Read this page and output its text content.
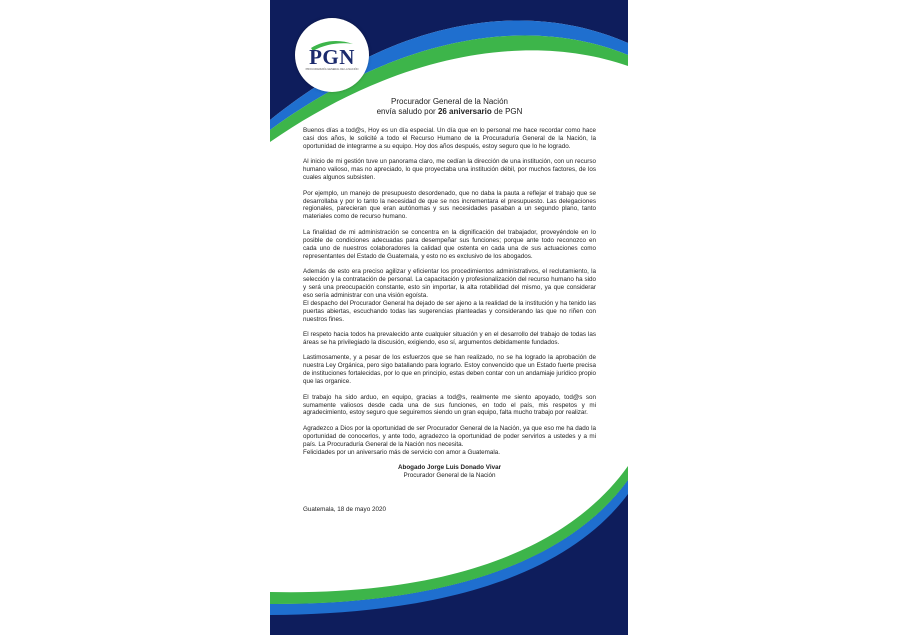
PGN
PROCURADURÍA GENERAL DE LA NACIÓN
Procurador General de la Nación
envía saludo por 26 aniversario de PGN

Buenos días a tod@s, Hoy es un día especial. Un día que en lo personal me hace recordar como hace casi dos años, le solicité a todo el Recurso Humano de la Procuraduría General de la Nación, la oportunidad de integrarme a su equipo. Hoy dos años después, estoy seguro que lo he logrado.

Al inicio de mi gestión tuve un panorama claro, me cedían la dirección de una institución, con un recurso humano valioso, mas no apreciado, lo que proyectaba una institución débil, por muchos factores, de los cuales algunos subsisten.

Por ejemplo, un manejo de presupuesto desordenado, que no daba la pauta a reflejar el trabajo que se desarrollaba y por lo tanto la necesidad de que se nos incrementara el presupuesto. Las delegaciones regionales, parecieran que eran autónomas y sus necesidades pasaban a un segundo plano, tanto materiales como de recurso humano.

La finalidad de mi administración se concentra en la dignificación del trabajador, proveyéndole en lo posible de condiciones adecuadas para desempeñar sus funciones; porque ante todo reconozco en cada uno de nuestros colaboradores la calidad que ostenta en cada una de sus actuaciones como representantes del Estado de Guatemala, y esto no es exclusivo de los abogados.

Además de esto era preciso agilizar y eficientar los procedimientos administrativos, el reclutamiento, la selección y la contratación de personal. La capacitación y profesionalización del recurso humano ha sido y será una preocupación constante, esto sin importar, la alta rotabilidad del mismo, ya que considerar eso sería administrar con una visión egoísta.
El despacho del Procurador General ha dejado de ser ajeno a la realidad de la institución y ha tenido las puertas abiertas, escuchando todas las sugerencias planteadas y considerando las que no riñen con nuestros fines.

El respeto hacia todos ha prevalecido ante cualquier situación y en el desarrollo del trabajo de todas las áreas se ha privilegiado la discusión, exigiendo, eso sí, argumentos debidamente fundados.

Lastimosamente, y a pesar de los esfuerzos que se han realizado, no se ha logrado la aprobación de nuestra Ley Orgánica, pero sigo batallando para lograrlo. Estoy convencido que un Estado fuerte precisa de instituciones fortalecidas, por lo que en principio, estas deben contar con un andamiaje jurídico propio que las organice.

El trabajo ha sido arduo, en equipo, gracias a tod@s, realmente me siento apoyado, tod@s son sumamente valiosos desde cada una de sus funciones, en todo el país, mis respetos y mi agradecimiento, estoy seguro que seguiremos siendo un gran equipo, falta mucho trabajo por realizar.

Agradezco a Dios por la oportunidad de ser Procurador General de la Nación, ya que eso me ha dado la oportunidad de conocerlos, y ante todo, agradezco la oportunidad de poder servirlos a ustedes y a mi país. La Procuraduría General de la Nación nos necesita.
Felicidades por un aniversario más de servicio con amor a Guatemala.

Abogado Jorge Luis Donado Vivar
Procurador General de la Nación
Guatemala, 18 de mayo 2020
